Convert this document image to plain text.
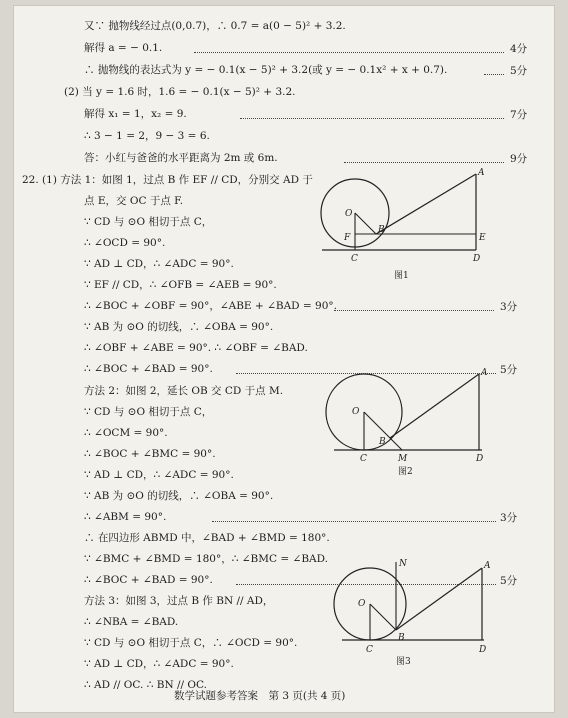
又∵ 抛物线经过点(0,0.7)，∴ 0.7 = a(0 − 5)² + 3.2.
解得 a = − 0.1.
∴ 抛物线的表达式为 y = − 0.1(x − 5)² + 3.2(或 y = − 0.1x² + x + 0.7).
(2) 当 y = 1.6 时，1.6 = − 0.1(x − 5)² + 3.2.
解得 x₁ = 1，x₂ = 9.
∴ 3 − 1 = 2，9 − 3 = 6.
答：小红与爸爸的水平距离为 2m 或 6m.
22. (1) 方法 1：如图 1，过点 B 作 EF // CD，分别交 AD 于
点 E，交 OC 于点 F.
∵ CD 与 ⊙O 相切于点 C，
∴ ∠OCD = 90°.
∵ AD ⊥ CD，∴ ∠ADC = 90°.
∵ EF // CD，∴ ∠OFB = ∠AEB = 90°.
∴ ∠BOC + ∠OBF = 90°，∠ABE + ∠BAD = 90°.
∵ AB 为 ⊙O 的切线，∴ ∠OBA = 90°.
∴ ∠OBF + ∠ABE = 90°. ∴ ∠OBF = ∠BAD.
∴ ∠BOC + ∠BAD = 90°.
方法 2：如图 2，延长 OB 交 CD 于点 M.
∵ CD 与 ⊙O 相切于点 C，
∴ ∠OCM = 90°.
∴ ∠BOC + ∠BMC = 90°.
∵ AD ⊥ CD，∴ ∠ADC = 90°.
∵ AB 为 ⊙O 的切线，∴ ∠OBA = 90°.
∴ ∠ABM = 90°.
∴ 在四边形 ABMD 中，∠BAD + ∠BMD = 180°.
∵ ∠BMC + ∠BMD = 180°，∴ ∠BMC = ∠BAD.
∴ ∠BOC + ∠BAD = 90°.
方法 3：如图 3，过点 B 作 BN // AD，
∴ ∠NBA = ∠BAD.
∵ CD 与 ⊙O 相切于点 C，∴ ∠OCD = 90°.
∵ AD ⊥ CD，∴ ∠ADC = 90°.
∴ AD // OC. ∴ BN // OC.
4分
5分
7分
9分
3分
5分
3分
5分
O
A
B
F	E
C	D
图1
O
A
B
C	M	D
图2
O
A
B
N
C	D
图3
数学试题参考答案　第 3 页(共 4 页)
